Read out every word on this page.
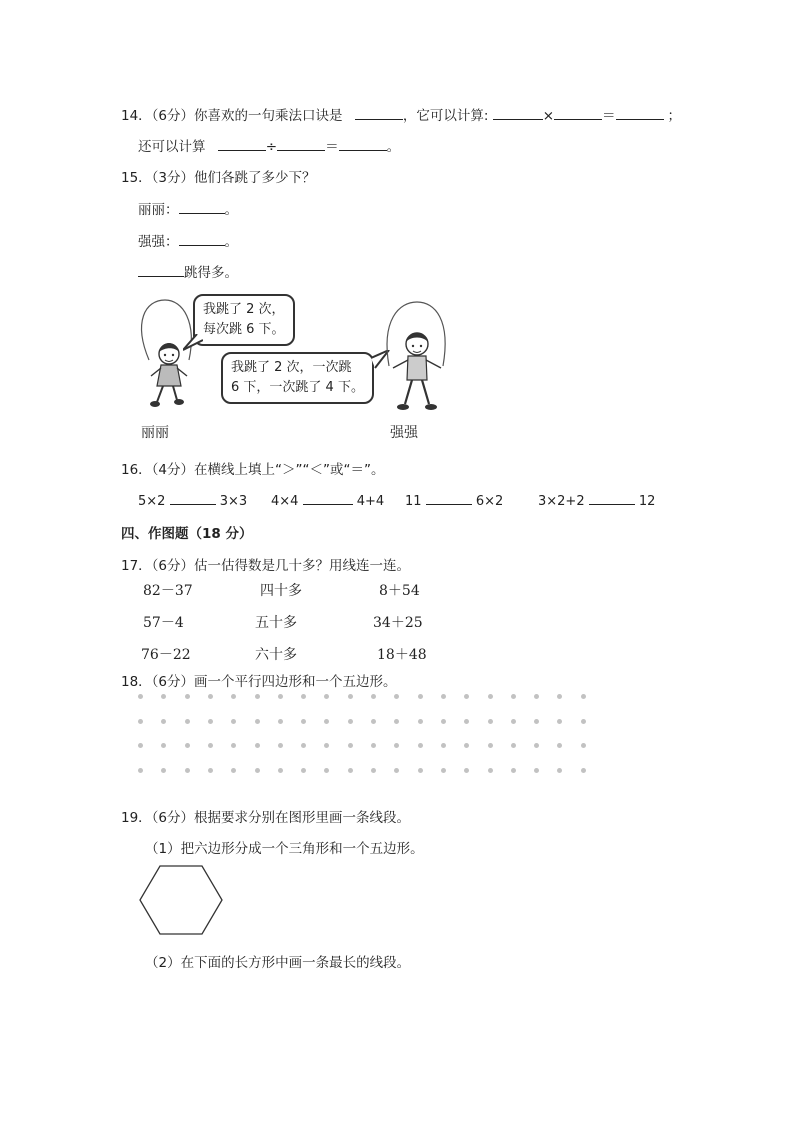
14．（6分）你喜欢的一句乘法口诀是	，它可以计算:	×	＝	；
还可以计算	÷	＝	。
15．（3分）他们各跳了多少下？
丽丽：	。
强强：	。
跳得多。
我跳了 2 次，
每次跳 6 下。
我跳了 2 次，一次跳
6 下，一次跳了 4 下。
丽丽	强强
16．（4分）在横线上填上“＞”“＜”或“＝”。
5×2	3×3 4×4	4+4 11	6×2	3×2+2	12
四、作图题（18 分）
17．（6分）估一估得数是几十多？用线连一连。
82－37
57－4
76－22
四十多
五十多
六十多
8＋54
34＋25
18＋48
18．（6分）画一个平行四边形和一个五边形。
19．（6分）根据要求分别在图形里画一条线段。
（1）把六边形分成一个三角形和一个五边形。
（2）在下面的长方形中画一条最长的线段。
